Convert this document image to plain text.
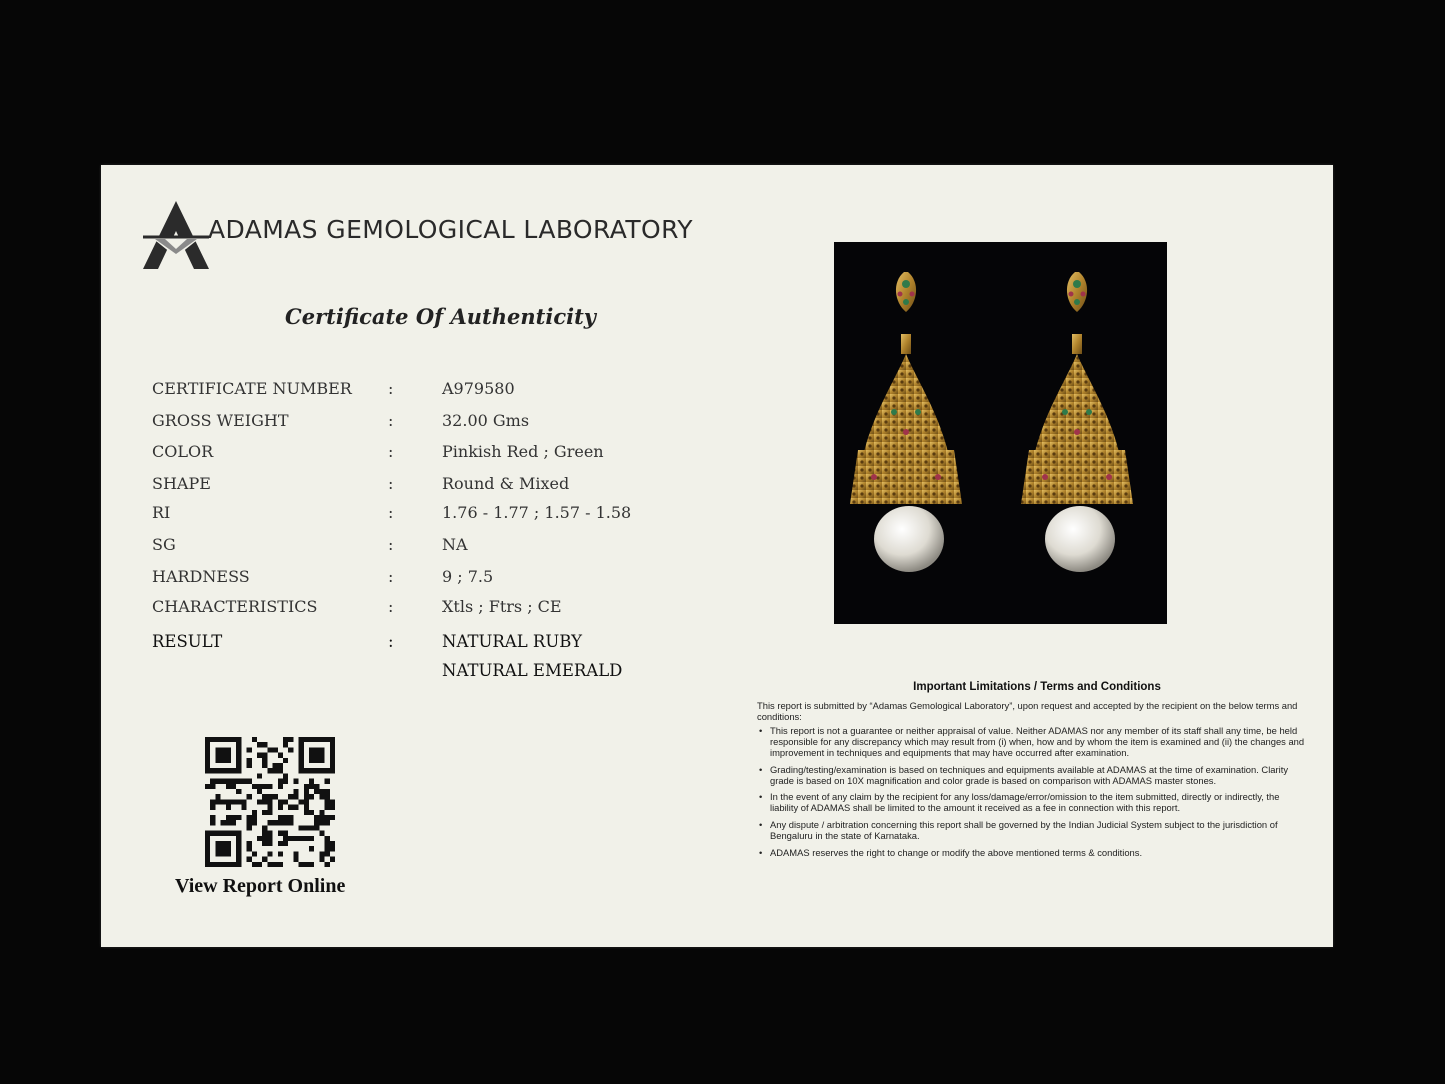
ADAMAS GEMOLOGICAL LABORATORY
Certificate Of Authenticity
CERTIFICATE NUMBER :	A979580
GROSS WEIGHT	:	32.00 Gms
COLOR	:	Pinkish Red ; Green
SHAPE	:	Round & Mixed
RI	:	1.76 - 1.77 ; 1.57 - 1.58
SG	:	NA
HARDNESS	:	9 ; 7.5
CHARACTERISTICS	:	Xtls ; Ftrs ; CE
RESULT	:	NATURAL RUBY
NATURAL EMERALD
View Report Online
Important Limitations / Terms and Conditions
This report is submitted by “Adamas Gemological Laboratory”, upon request and accepted by the recipient on the below terms and conditions:
• This report is not a guarantee or neither appraisal of value. Neither ADAMAS nor any member of its staff shall any time, be held responsible for any discrepancy which may result from (i) when, how and by whom the item is examined and (ii) the changes and improvement in techniques and equipments that may have occurred after examination.
• Grading/testing/examination is based on techniques and equipments available at ADAMAS at the time of examination. Clarity grade is based on 10X magnification and color grade is based on comparison with ADAMAS master stones.
• In the event of any claim by the recipient for any loss/damage/error/omission to the item submitted, directly or indirectly, the liability of ADAMAS shall be limited to the amount it received as a fee in connection with this report.
• Any dispute / arbitration concerning this report shall be governed by the Indian Judicial System subject to the jurisdiction of Bengaluru in the state of Karnataka.
• ADAMAS reserves the right to change or modify the above mentioned terms & conditions.
